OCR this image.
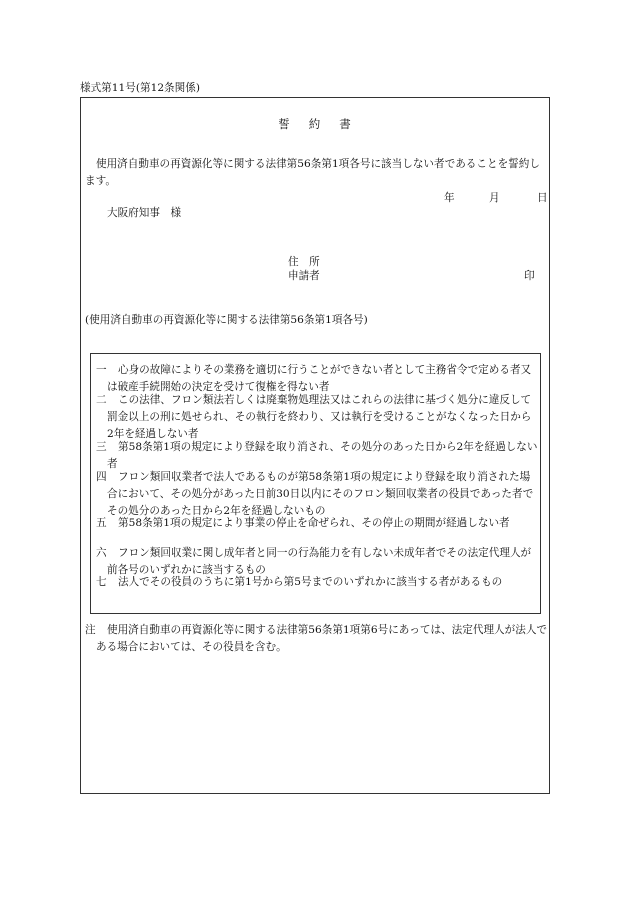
様式第11号(第12条関係)
誓 約 書
使用済自動車の再資源化等に関する法律第56条第1項各号に該当しない者であることを誓約します。
年	月	日
大阪府知事　様
住　所
申請者	印
(使用済自動車の再資源化等に関する法律第56条第1項各号)
一	心身の故障によりその業務を適切に行うことができない者として主務省令で定める者又は破産手続開始の決定を受けて復権を得ない者
二	この法律、フロン類法若しくは廃棄物処理法又はこれらの法律に基づく処分に違反して罰金以上の刑に処せられ、その執行を終わり、又は執行を受けることがなくなった日から2年を経過しない者
三	第58条第1項の規定により登録を取り消され、その処分のあった日から2年を経過しない者
四	フロン類回収業者で法人であるものが第58条第1項の規定により登録を取り消された場合において、その処分があった日前30日以内にそのフロン類回収業者の役員であった者でその処分のあった日から2年を経過しないもの
五	第58条第1項の規定により事業の停止を命ぜられ、その停止の期間が経過しない者
六	フロン類回収業に関し成年者と同一の行為能力を有しない未成年者でその法定代理人が前各号のいずれかに該当するもの
七	法人でその役員のうちに第1号から第5号までのいずれかに該当する者があるもの
注	使用済自動車の再資源化等に関する法律第56条第1項第6号にあっては、法定代理人が法人である場合においては、その役員を含む。
